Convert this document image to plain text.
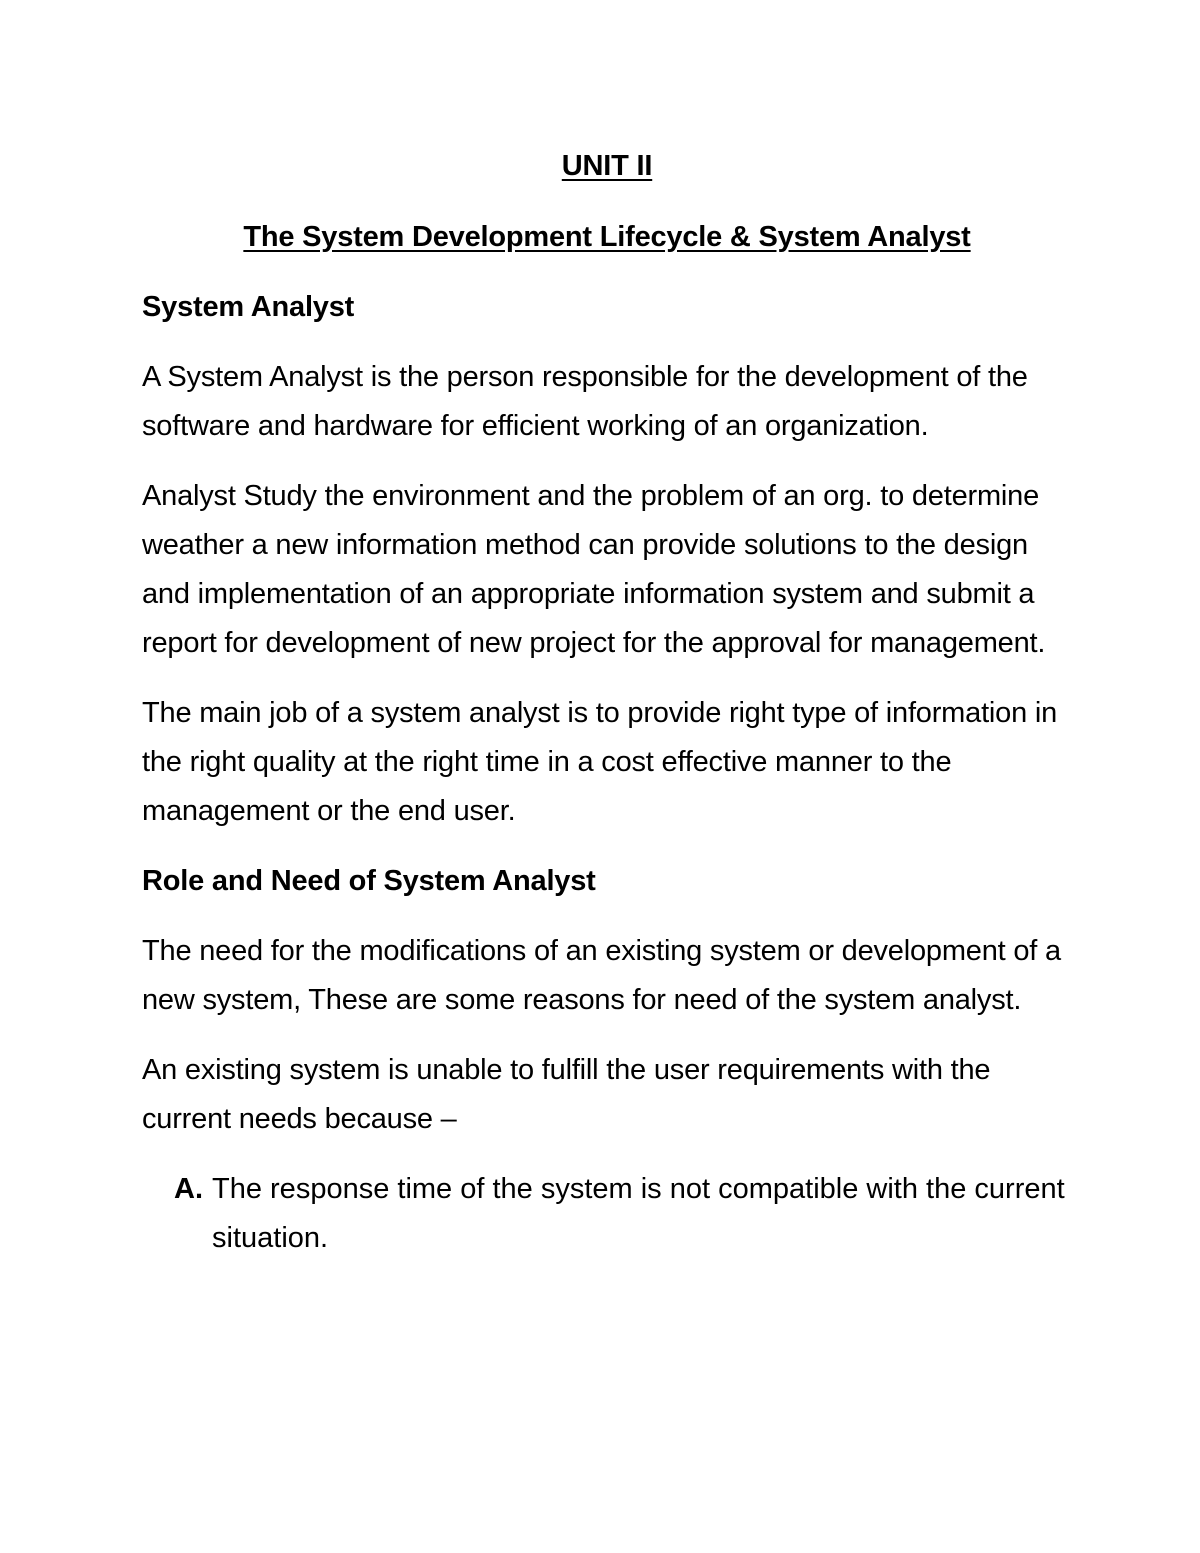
UNIT II

The System Development Lifecycle & System Analyst

System Analyst

A System Analyst is the person responsible for the development of the software and hardware for efficient working of an organization.

Analyst Study the environment and the problem of an org. to determine weather a new information method can provide solutions to the design and implementation of an appropriate information system and submit a report for development of new project for the approval for management.

The main job of a system analyst is to provide right type of information in the right quality at the right time in a cost effective manner to the management or the end user.

Role and Need of System Analyst

The need for the modifications of an existing system or development of a new system, These are some reasons for need of the system analyst.

An existing system is unable to fulfill the user requirements with the current needs because –

A. The response time of the system is not compatible with the current situation.
